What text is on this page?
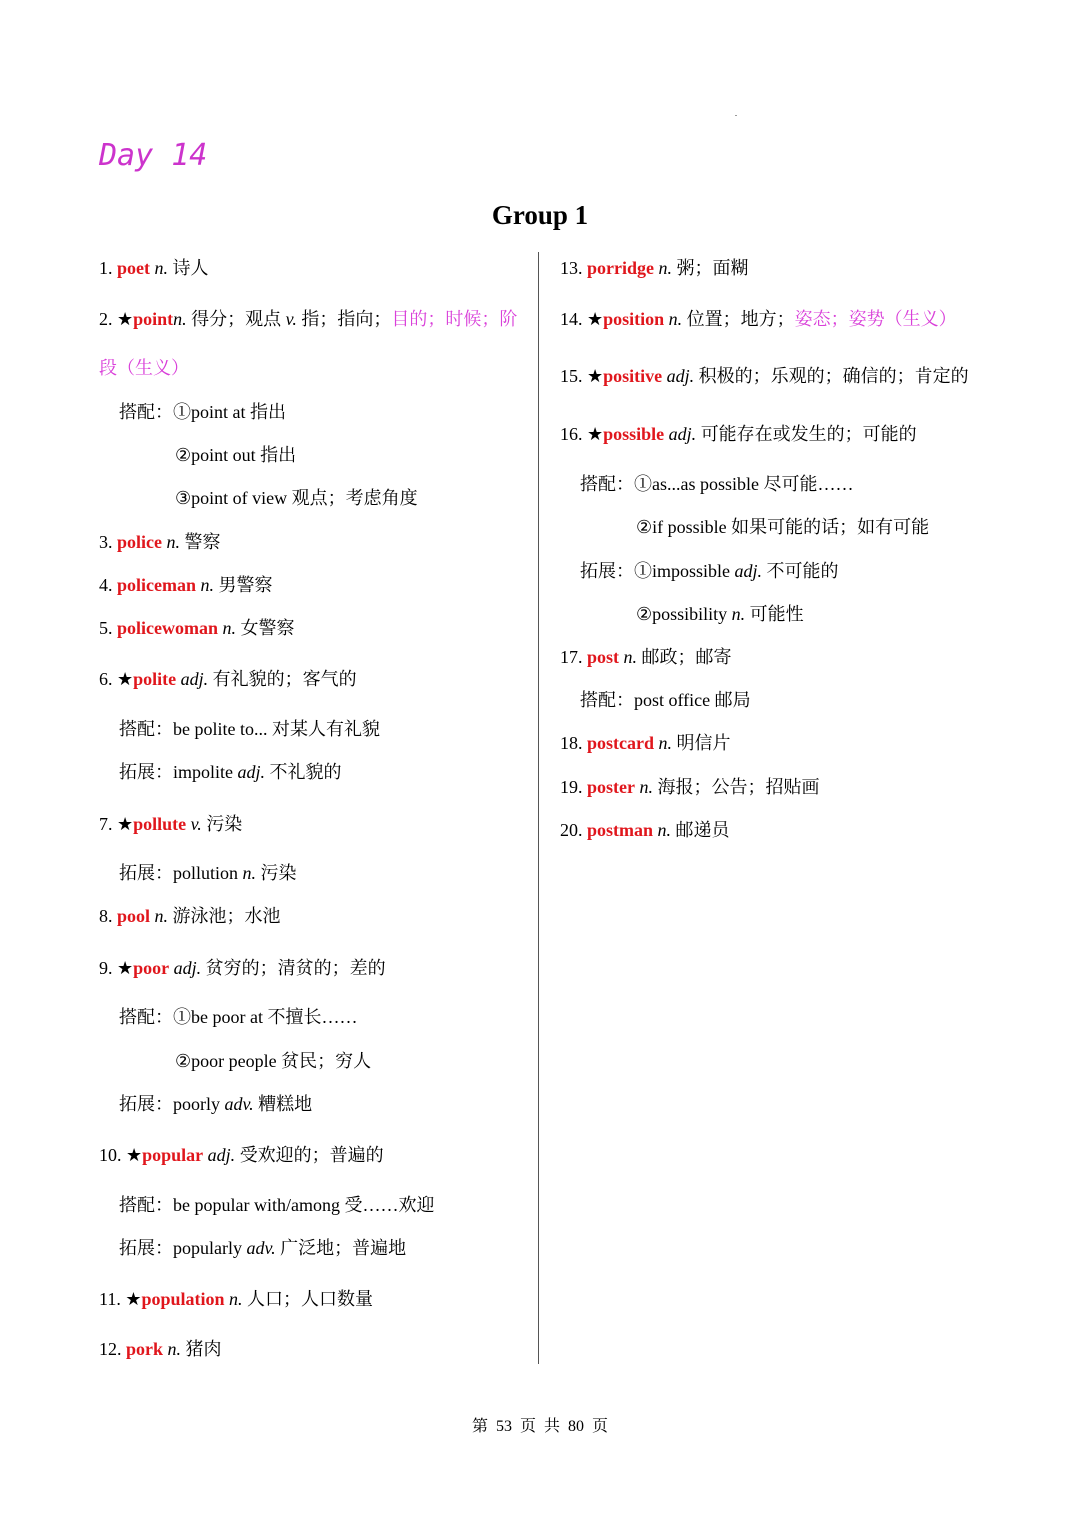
Day 14
Group 1
1. poet n. 诗人
2. ★pointn. 得分；观点 v. 指；指向；目的；时候；阶
段（生义）
搭配：①point at 指出
②point out 指出
③point of view 观点；考虑角度
3. police n. 警察
4. policeman n. 男警察
5. policewoman n. 女警察
6. ★polite adj. 有礼貌的；客气的
搭配：be polite to... 对某人有礼貌
拓展：impolite adj. 不礼貌的
7. ★pollute v. 污染
拓展：pollution n. 污染
8. pool n. 游泳池；水池
9. ★poor adj. 贫穷的；清贫的；差的
搭配：①be poor at 不擅长……
②poor people 贫民；穷人
拓展：poorly adv. 糟糕地
10. ★popular adj. 受欢迎的；普遍的
搭配：be popular with/among 受……欢迎
拓展：popularly adv. 广泛地；普遍地
11. ★population n. 人口；人口数量
12. pork n. 猪肉
13. porridge n. 粥；面糊
14. ★position n. 位置；地方；姿态；姿势（生义）
15. ★positive adj. 积极的；乐观的；确信的；肯定的
16. ★possible adj. 可能存在或发生的；可能的
搭配：①as...as possible 尽可能……
②if possible 如果可能的话；如有可能
拓展：①impossible adj. 不可能的
②possibility n. 可能性
17. post n. 邮政；邮寄
搭配：post office 邮局
18. postcard n. 明信片
19. poster n. 海报；公告；招贴画
20. postman n. 邮递员
第 53 页 共 80 页
